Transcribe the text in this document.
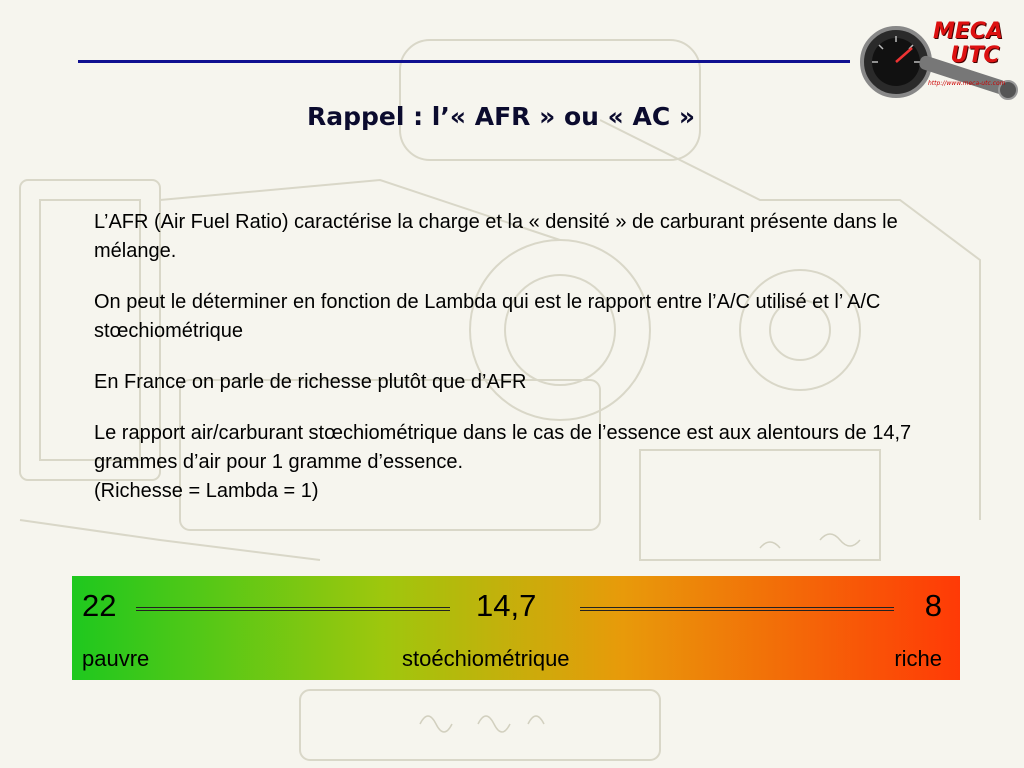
MECA
UTC
http://www.meca-utc.com
Rappel : l’« AFR » ou « AC »

L’AFR (Air Fuel Ratio) caractérise la charge et la « densité » de carburant présente dans le mélange.

On peut le déterminer en fonction de Lambda qui est le rapport entre l’A/C utilisé et l’ A/C stœchiométrique

En France on parle de richesse plutôt que d’AFR

Le rapport air/carburant stœchiométrique dans le cas de l’essence est aux alentours de 14,7 grammes d’air pour 1 gramme d’essence.

(Richesse = Lambda = 1)

22	14,7	8
pauvre	stoéchiométrique	riche
